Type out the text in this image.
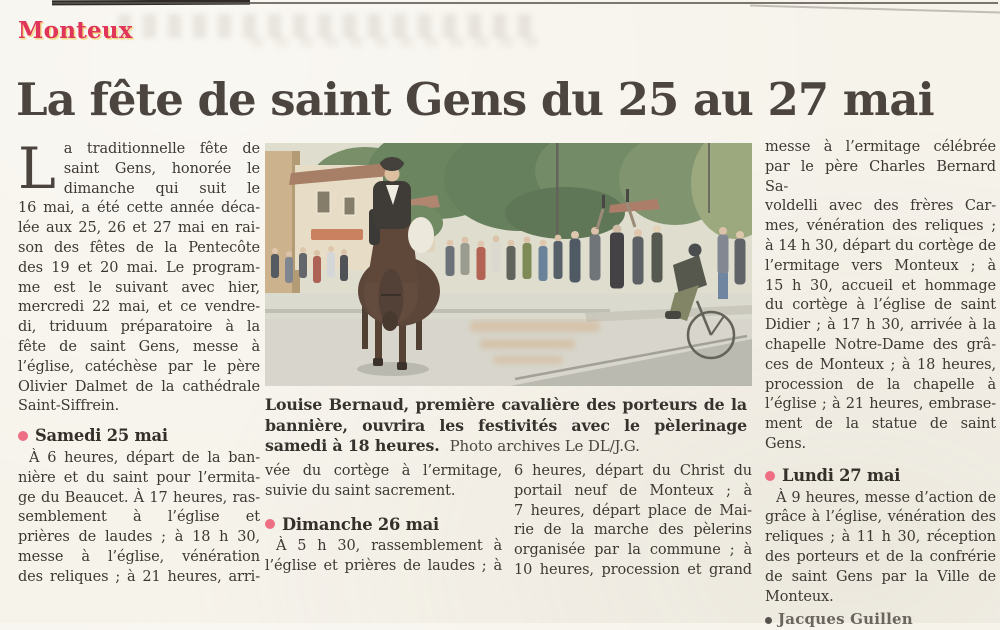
Monteux
La fête de saint Gens du 25 au 27 mai
L a traditionnelle fête de
saint Gens, honorée le
dimanche qui suit le
16 mai, a été cette année déca-
lée aux 25, 26 et 27 mai en rai-
son des fêtes de la Pentecôte
des 19 et 20 mai. Le program-
me est le suivant avec hier,
mercredi 22 mai, et ce vendre-
di, triduum préparatoire à la
fête de saint Gens, messe à
l’église, catéchèse par le père
Olivier Dalmet de la cathédrale
Saint-Siffrein.
Samedi 25 mai
À 6 heures, départ de la ban-
nière et du saint pour l’ermita-
ge du Beaucet. À 17 heures, ras-
semblement à l’église et
prières de laudes ; à 18 h 30,
messe à l’église, vénération
des reliques ; à 21 heures, arri-
Louise Bernaud, première cavalière des porteurs de la bannière, ouvrira les festivités avec le pèlerinage samedi à 18 heures. Photo archives Le DL/J.G.
vée du cortège à l’ermitage,
suivie du saint sacrement.
Dimanche 26 mai
À 5 h 30, rassemblement à
l’église et prières de laudes ; à
6 heures, départ du Christ du
portail neuf de Monteux ; à
7 heures, départ place de Mai-
rie de la marche des pèlerins
organisée par la commune ; à
10 heures, procession et grand
messe à l’ermitage célébrée
par le père Charles Bernard Sa-
voldelli avec des frères Car-
mes, vénération des reliques ;
à 14 h 30, départ du cortège de
l’ermitage vers Monteux ; à
15 h 30, accueil et hommage
du cortège à l’église de saint
Didier ; à 17 h 30, arrivée à la
chapelle Notre-Dame des grâ-
ces de Monteux ; à 18 heures,
procession de la chapelle à
l’église ; à 21 heures, embrase-
ment de la statue de saint Gens.
Lundi 27 mai
À 9 heures, messe d’action de
grâce à l’église, vénération des
reliques ; à 11 h 30, réception
des porteurs et de la confrérie
de saint Gens par la Ville de
Monteux.
Jacques Guillen
